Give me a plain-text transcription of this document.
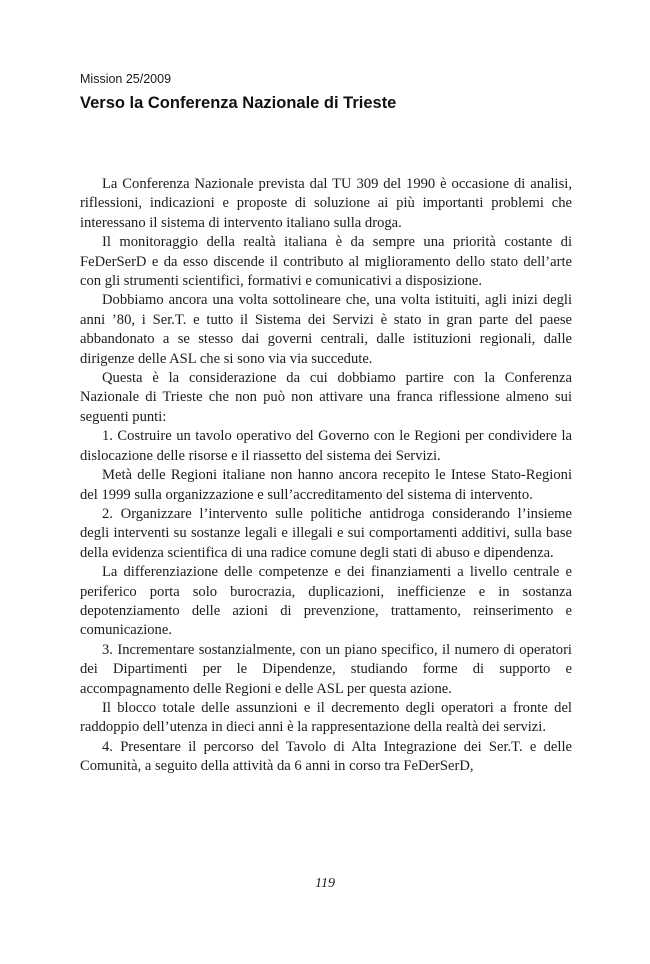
Mission 25/2009
Verso la Conferenza Nazionale di Trieste

La Conferenza Nazionale prevista dal TU 309 del 1990 è occasione di analisi, riflessioni, indicazioni e proposte di soluzione ai più importanti problemi che interessano il sistema di intervento italiano sulla droga.

Il monitoraggio della realtà italiana è da sempre una priorità costante di FeDerSerD e da esso discende il contributo al miglioramento dello stato dell’arte con gli strumenti scientifici, formativi e comunicativi a disposizione.

Dobbiamo ancora una volta sottolineare che, una volta istituiti, agli inizi degli anni ’80, i Ser.T. e tutto il Sistema dei Servizi è stato in gran parte del paese abbandonato a se stesso dai governi centrali, dalle istituzioni regionali, dalle dirigenze delle ASL che si sono via via succedute.

Questa è la considerazione da cui dobbiamo partire con la Conferenza Nazionale di Trieste che non può non attivare una franca riflessione almeno sui seguenti punti:

1. Costruire un tavolo operativo del Governo con le Regioni per condividere la dislocazione delle risorse e il riassetto del sistema dei Servizi.

Metà delle Regioni italiane non hanno ancora recepito le Intese Stato-Regioni del 1999 sulla organizzazione e sull’accreditamento del sistema di intervento.

2. Organizzare l’intervento sulle politiche antidroga considerando l’insieme degli interventi su sostanze legali e illegali e sui comportamenti additivi, sulla base della evidenza scientifica di una radice comune degli stati di abuso e dipendenza.

La differenziazione delle competenze e dei finanziamenti a livello centrale e periferico porta solo burocrazia, duplicazioni, inefficienze e in sostanza depotenziamento delle azioni di prevenzione, trattamento, reinserimento e comunicazione.

3. Incrementare sostanzialmente, con un piano specifico, il numero di operatori dei Dipartimenti per le Dipendenze, studiando forme di supporto e accompagnamento delle Regioni e delle ASL per questa azione.

Il blocco totale delle assunzioni e il decremento degli operatori a fronte del raddoppio dell’utenza in dieci anni è la rappresentazione della realtà dei servizi.

4. Presentare il percorso del Tavolo di Alta Integrazione dei Ser.T. e delle Comunità, a seguito della attività da 6 anni in corso tra FeDerSerD,

119
